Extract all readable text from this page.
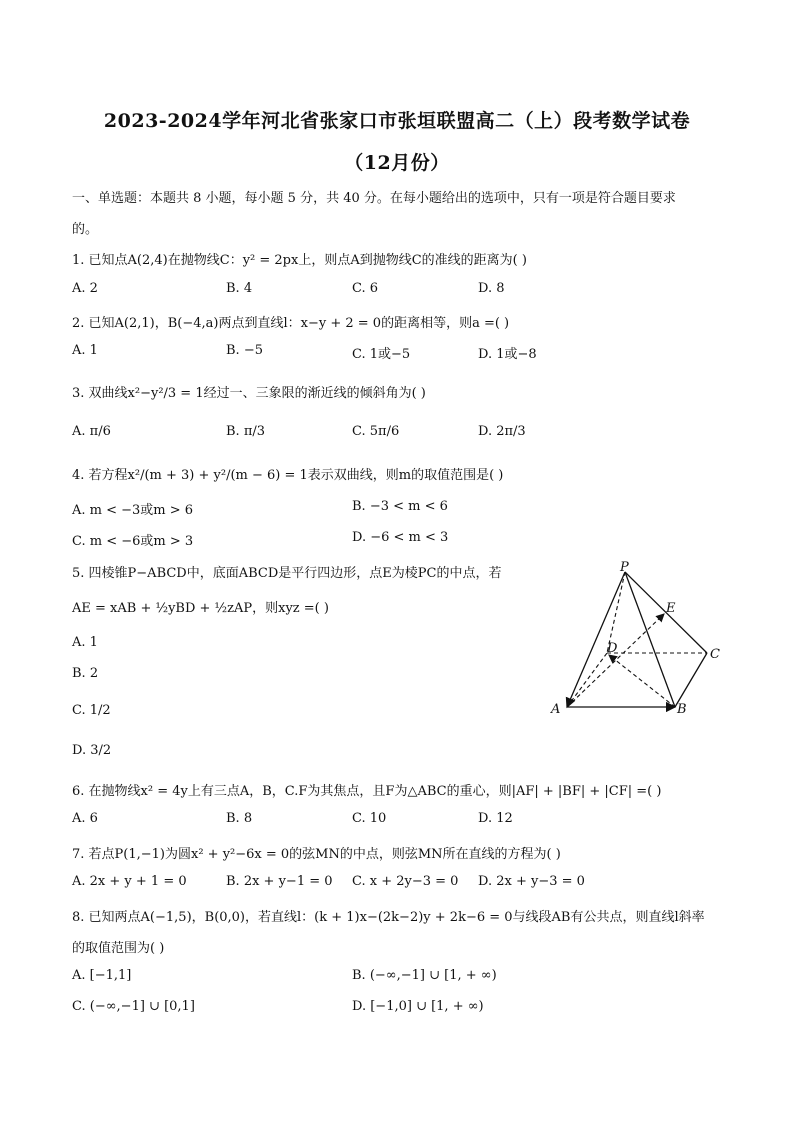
2023-2024学年河北省张家口市张垣联盟高二（上）段考数学试卷
（12月份）
一、单选题：本题共 8 小题，每小题 5 分，共 40 分。在每小题给出的选项中，只有一项是符合题目要求
的。
1. 已知点A(2,4)在抛物线C：y² = 2px上，则点A到抛物线C的准线的距离为( )
A. 2	B. 4	C. 6	D. 8
2. 已知A(2,1)，B(−4,a)两点到直线l：x−y + 2 = 0的距离相等，则a =( )
A. 1	B. −5	C. 1或−5	D. 1或−8
3. 双曲线x²−y²/3 = 1经过一、三象限的渐近线的倾斜角为( )
A. π/6	B. π/3	C. 5π/6	D. 2π/3
4. 若方程x²/(m + 3) + y²/(m − 6) = 1表示双曲线，则m的取值范围是( )
A. m < −3或m > 6	B. −3 < m < 6
C. m < −6或m > 3	D. −6 < m < 3
5. 四棱锥P−ABCD中，底面ABCD是平行四边形，点E为棱PC的中点，若
AE = xAB + ½yBD + ½zAP，则xyz =( )
A. 1
B. 2
C. 1/2
D. 3/2
P
E
D	C
A	B
6. 在抛物线x² = 4y上有三点A，B，C.F为其焦点，且F为△ABC的重心，则|AF| + |BF| + |CF| =( )
A. 6	B. 8	C. 10	D. 12
7. 若点P(1,−1)为圆x² + y²−6x = 0的弦MN的中点，则弦MN所在直线的方程为( )
A. 2x + y + 1 = 0	B. 2x + y−1 = 0 C. x + 2y−3 = 0 D. 2x + y−3 = 0
8. 已知两点A(−1,5)，B(0,0)，若直线l：(k + 1)x−(2k−2)y + 2k−6 = 0与线段AB有公共点，则直线l斜率
的取值范围为( )
A. [−1,1]	B. (−∞,−1] ∪ [1, + ∞)
C. (−∞,−1] ∪ [0,1]	D. [−1,0] ∪ [1, + ∞)
